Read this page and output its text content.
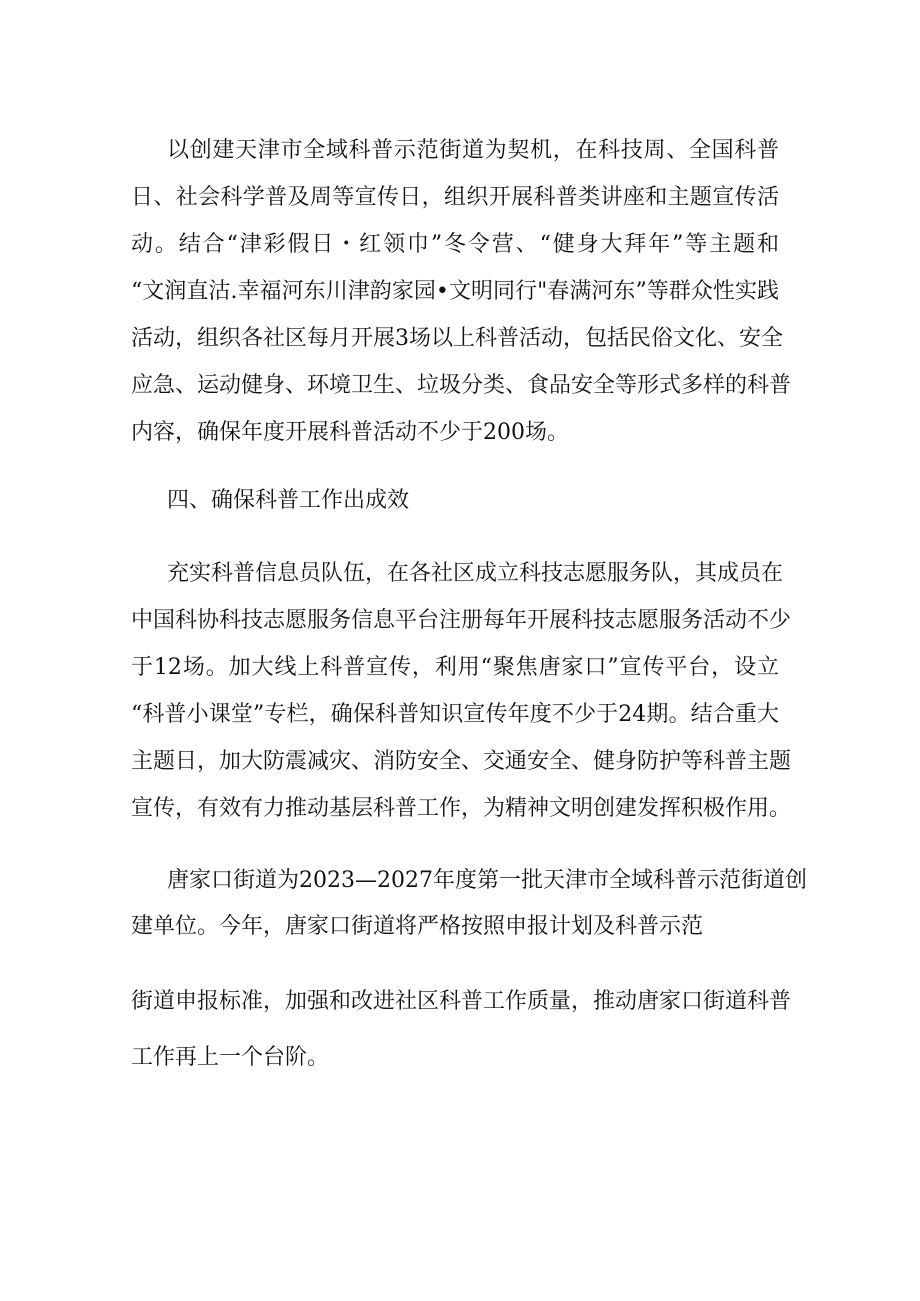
以创建天津市全域科普示范街道为契机，在科技周、全国科普
日、社会科学普及周等宣传日，组织开展科普类讲座和主题宣传活
动。结合“津彩假日・红领巾”冬令营、“健身大拜年”等主题和
“文润直沽.幸福河东川津韵家园•文明同行"春满河东”等群众性实践
活动，组织各社区每月开展3场以上科普活动，包括民俗文化、安全
应急、运动健身、环境卫生、垃圾分类、食品安全等形式多样的科普
内容，确保年度开展科普活动不少于200场。
四、确保科普工作出成效
充实科普信息员队伍，在各社区成立科技志愿服务队，其成员在
中国科协科技志愿服务信息平台注册每年开展科技志愿服务活动不少
于12场。加大线上科普宣传，利用“聚焦唐家口”宣传平台，设立
“科普小课堂”专栏，确保科普知识宣传年度不少于24期。结合重大
主题日，加大防震减灾、消防安全、交通安全、健身防护等科普主题
宣传，有效有力推动基层科普工作，为精神文明创建发挥积极作用。
唐家口街道为2023—2027年度第一批天津市全域科普示范街道创
建单位。今年，唐家口街道将严格按照申报计划及科普示范
街道申报标准，加强和改进社区科普工作质量，推动唐家口街道科普
工作再上一个台阶。
